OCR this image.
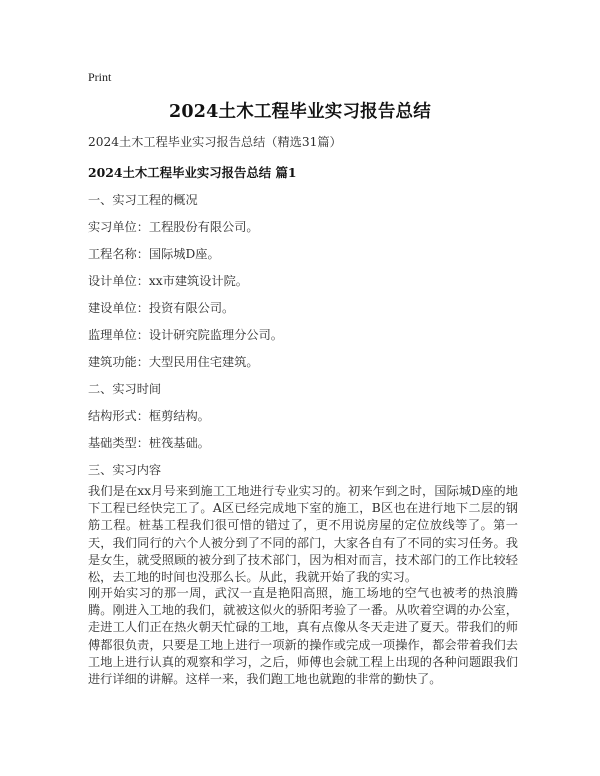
Print
2024土木工程毕业实习报告总结
2024土木工程毕业实习报告总结（精选31篇）
2024土木工程毕业实习报告总结 篇1
一、实习工程的概况
实习单位：工程股份有限公司。
工程名称：国际城D座。
设计单位：xx市建筑设计院。
建设单位：投资有限公司。
监理单位：设计研究院监理分公司。
建筑功能：大型民用住宅建筑。
二、实习时间
结构形式：框剪结构。
基础类型：桩筏基础。
三、实习内容
我们是在xx月号来到施工工地进行专业实习的。初来乍到之时，国际城D座的地下工程已经快完工了。A区已经完成地下室的施工，B区也在进行地下二层的钢筋工程。桩基工程我们很可惜的错过了，更不用说房屋的定位放线等了。第一天，我们同行的六个人被分到了不同的部门，大家各自有了不同的实习任务。我是女生，就受照顾的被分到了技术部门，因为相对而言，技术部门的工作比较轻松，去工地的时间也没那么长。从此，我就开始了我的实习。
刚开始实习的那一周，武汉一直是艳阳高照，施工场地的空气也被考的热浪腾腾。刚进入工地的我们，就被这似火的骄阳考验了一番。从吹着空调的办公室，走进工人们正在热火朝天忙碌的工地，真有点像从冬天走进了夏天。带我们的师傅都很负责，只要是工地上进行一项新的操作或完成一项操作，都会带着我们去工地上进行认真的观察和学习，之后，师傅也会就工程上出现的各种问题跟我们进行详细的讲解。这样一来，我们跑工地也就跑的非常的勤快了。
